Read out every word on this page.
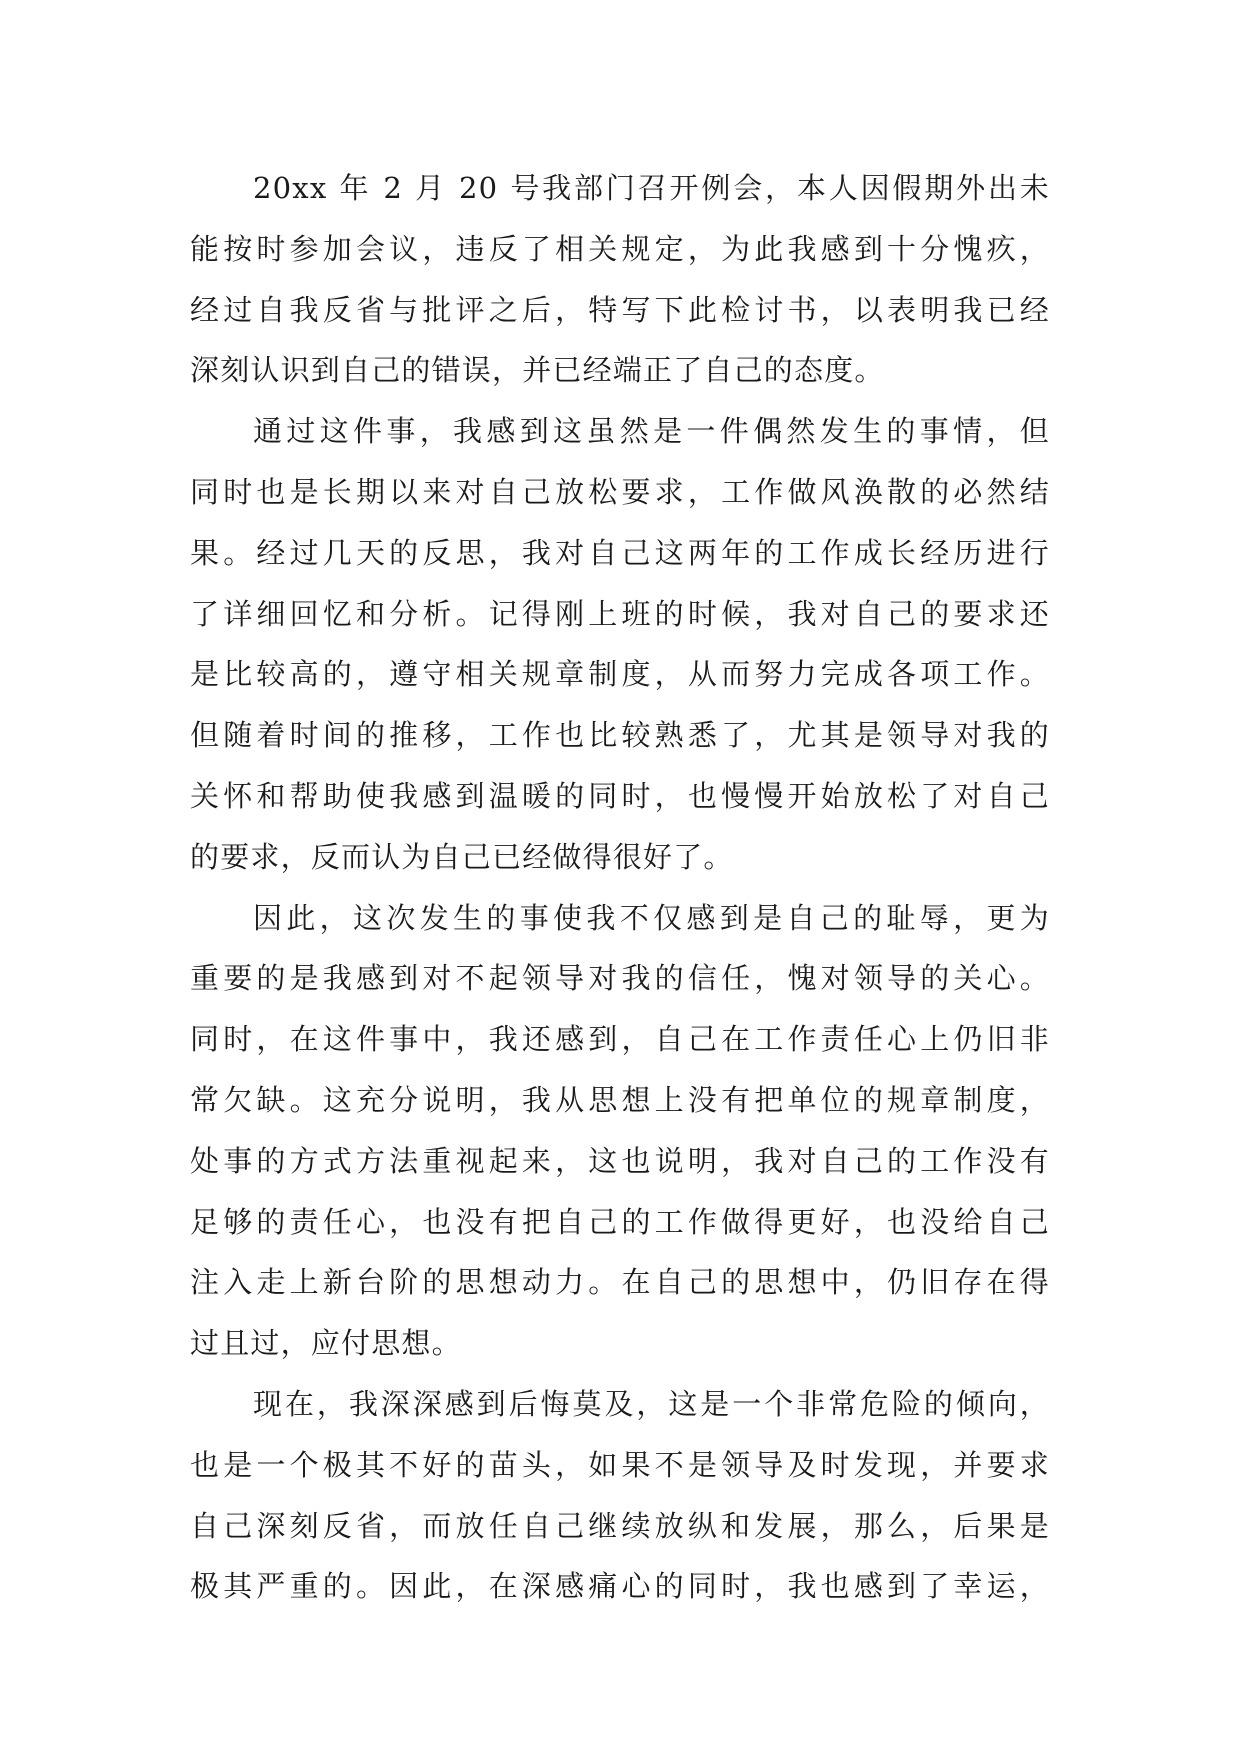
20xx 年 2 月 20 号我部门召开例会，本人因假期外出未
能按时参加会议，违反了相关规定，为此我感到十分愧疚，
经过自我反省与批评之后，特写下此检讨书，以表明我已经
深刻认识到自己的错误，并已经端正了自己的态度。
通过这件事，我感到这虽然是一件偶然发生的事情，但
同时也是长期以来对自己放松要求，工作做风涣散的必然结
果。经过几天的反思，我对自己这两年的工作成长经历进行
了详细回忆和分析。记得刚上班的时候，我对自己的要求还
是比较高的，遵守相关规章制度，从而努力完成各项工作。
但随着时间的推移，工作也比较熟悉了，尤其是领导对我的
关怀和帮助使我感到温暖的同时，也慢慢开始放松了对自己
的要求，反而认为自己已经做得很好了。
因此，这次发生的事使我不仅感到是自己的耻辱，更为
重要的是我感到对不起领导对我的信任，愧对领导的关心。
同时，在这件事中，我还感到，自己在工作责任心上仍旧非
常欠缺。这充分说明，我从思想上没有把单位的规章制度，
处事的方式方法重视起来，这也说明，我对自己的工作没有
足够的责任心，也没有把自己的工作做得更好，也没给自己
注入走上新台阶的思想动力。在自己的思想中，仍旧存在得
过且过，应付思想。
现在，我深深感到后悔莫及，这是一个非常危险的倾向，
也是一个极其不好的苗头，如果不是领导及时发现，并要求
自己深刻反省，而放任自己继续放纵和发展，那么，后果是
极其严重的。因此，在深感痛心的同时，我也感到了幸运，
